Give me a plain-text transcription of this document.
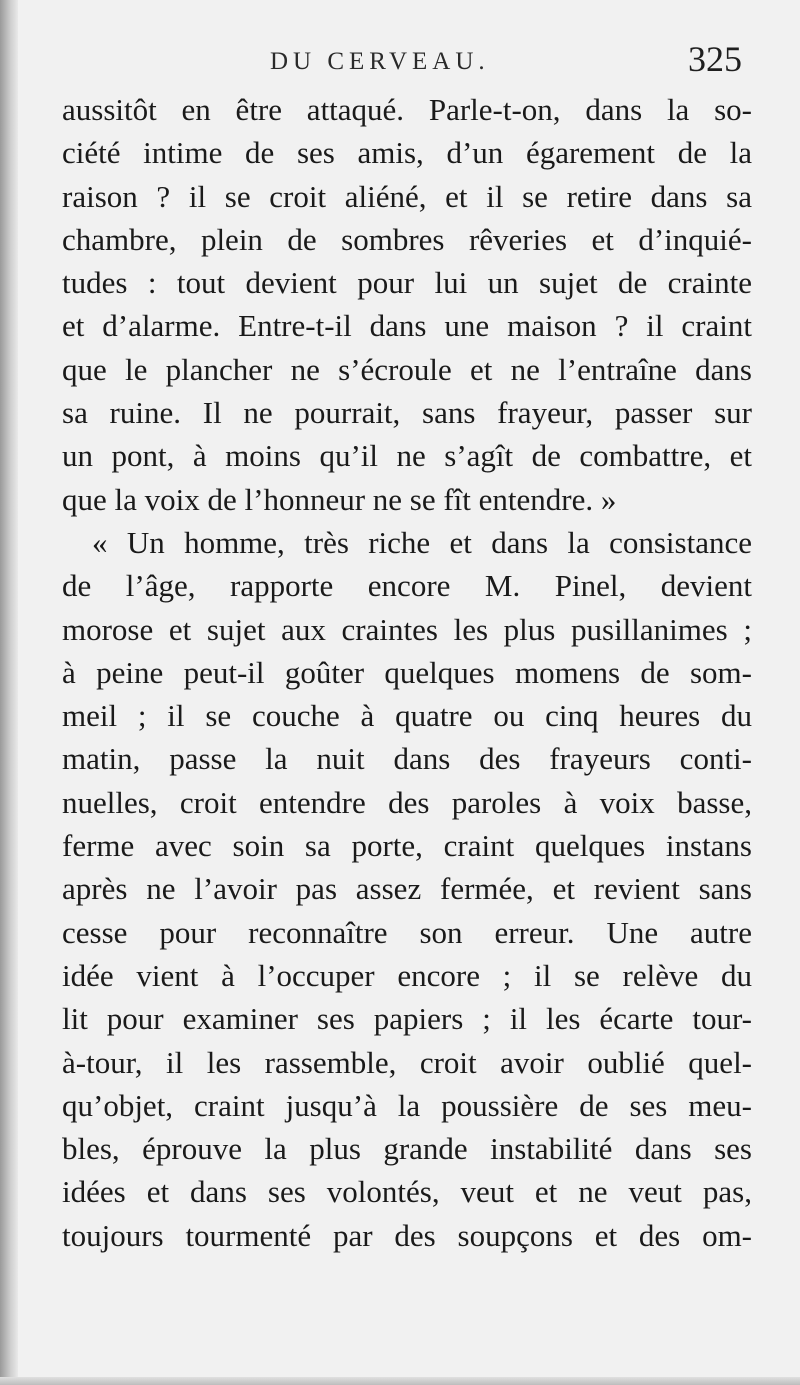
DU CERVEAU.	325
aussitôt en être attaqué. Parle-t-on, dans la so-
ciété intime de ses amis, d’un égarement de la
raison ? il se croit aliéné, et il se retire dans sa
chambre, plein de sombres rêveries et d’inquié-
tudes : tout devient pour lui un sujet de crainte
et d’alarme. Entre-t-il dans une maison ? il craint
que le plancher ne s’écroule et ne l’entraîne dans
sa ruine. Il ne pourrait, sans frayeur, passer sur
un pont, à moins qu’il ne s’agît de combattre, et
que la voix de l’honneur ne se fît entendre. »
« Un homme, très riche et dans la consistance
de l’âge, rapporte encore M. Pinel, devient
morose et sujet aux craintes les plus pusillanimes ;
à peine peut-il goûter quelques momens de som-
meil ; il se couche à quatre ou cinq heures du
matin, passe la nuit dans des frayeurs conti-
nuelles, croit entendre des paroles à voix basse,
ferme avec soin sa porte, craint quelques instans
après ne l’avoir pas assez fermée, et revient sans
cesse pour reconnaître son erreur. Une autre
idée vient à l’occuper encore ; il se relève du
lit pour examiner ses papiers ; il les écarte tour-
à-tour, il les rassemble, croit avoir oublié quel-
qu’objet, craint jusqu’à la poussière de ses meu-
bles, éprouve la plus grande instabilité dans ses
idées et dans ses volontés, veut et ne veut pas,
toujours tourmenté par des soupçons et des om-
